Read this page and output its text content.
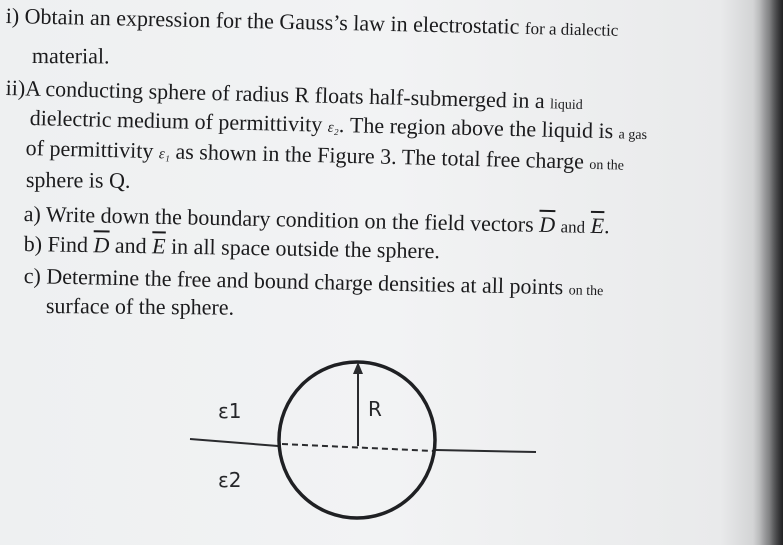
i) Obtain an expression for the Gauss’s law in electrostatic for a dialectic
material.
ii)A conducting sphere of radius R floats half-submerged in a liquid
dielectric medium of permittivity ε₂. The region above the liquid is a gas
of permittivity ε₁ as shown in the Figure 3. The total free charge on the
sphere is Q.
a) Write down the boundary condition on the field vectors $\overline{D}$ and $\overline{E}$.
b) Find $\overline{D}$ and $\overline{E}$ in all space outside the sphere.
c) Determine the free and bound charge densities at all points on the
surface of the sphere.
ε1
ε2
R
